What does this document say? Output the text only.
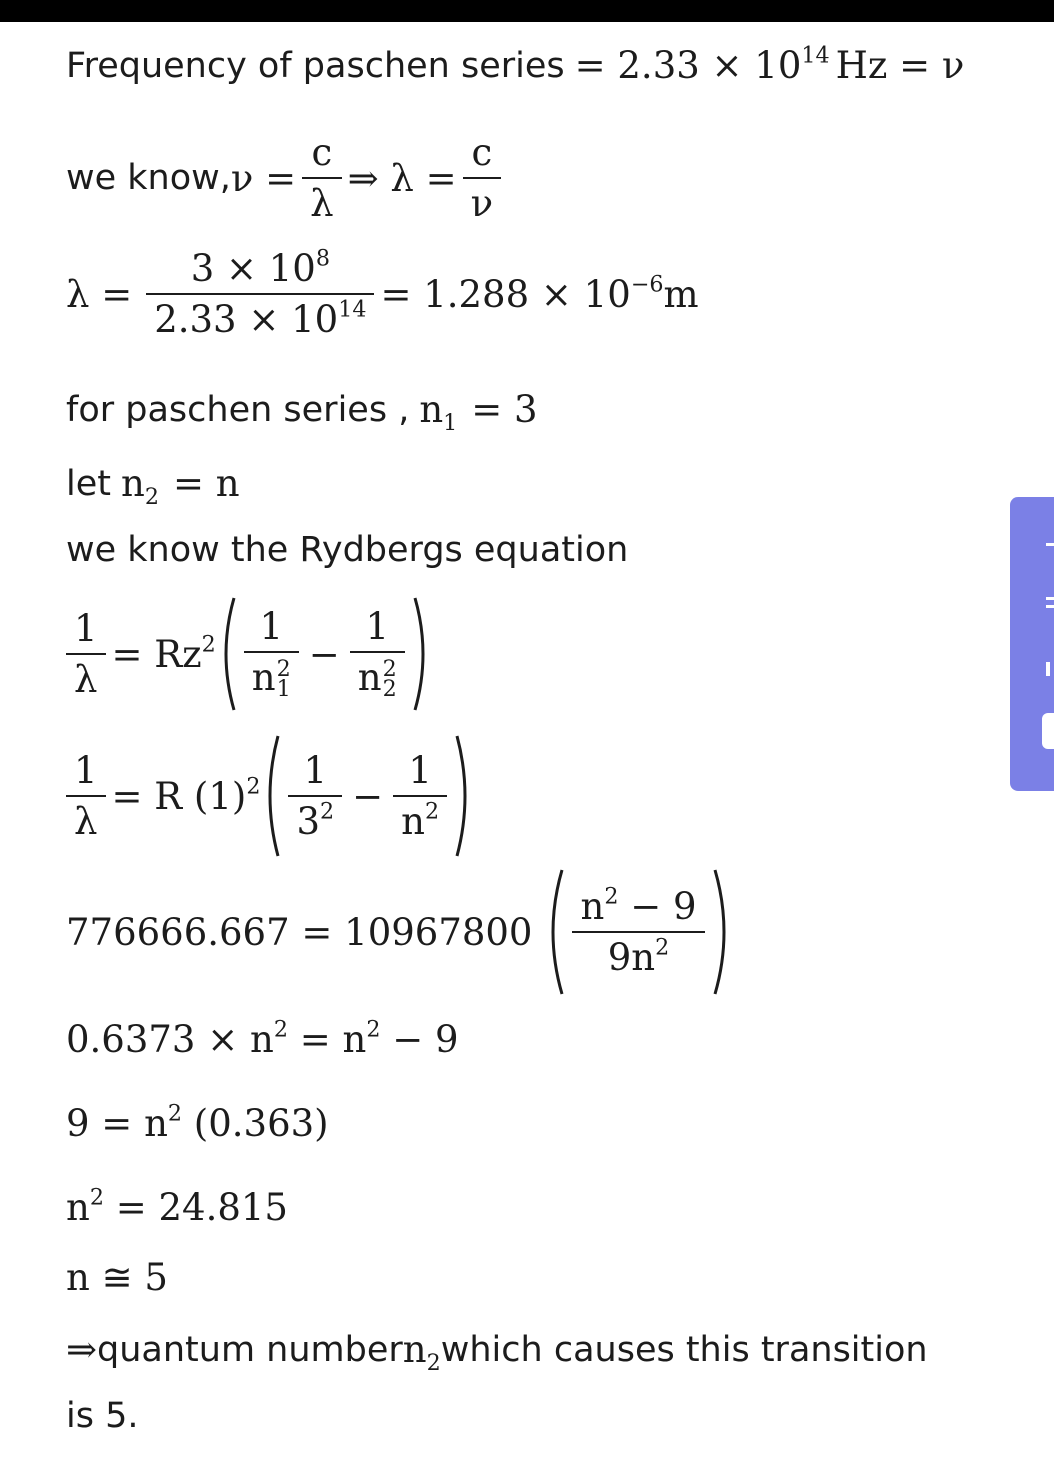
Frequency of paschen series = $2.33 \times 10^{14}$ Hz = ν
we know, $\nu = \frac{c}{\lambda}$ ⇒ $\lambda = \frac{c}{\nu}$
$\lambda = \frac{3 \times 10^8}{2.33 \times 10^{14}} = 1.288 \times 10^{-6}m$
for paschen series , $n_1 = 3$
let $n_2 = n$
we know the Rydbergs equation
$\frac{1}{\lambda} = Rz^2$ 1
n 2
1 − 1
n 2
2
$\frac{1}{\lambda} = R$ $(1)^2 \frac{1}{3^2} - \frac{1}{n^2}$
$776666.667 = 10967800 \frac{n^2 - 9}{9n^2}$
$0.6373 \times n^2 = n^2 - 9$
$9 = n^2$ (0.363)
$n^2 = 24.815$
n ≅ 5
⇒ quantum number $n_2$ which causes this transition
is 5.
